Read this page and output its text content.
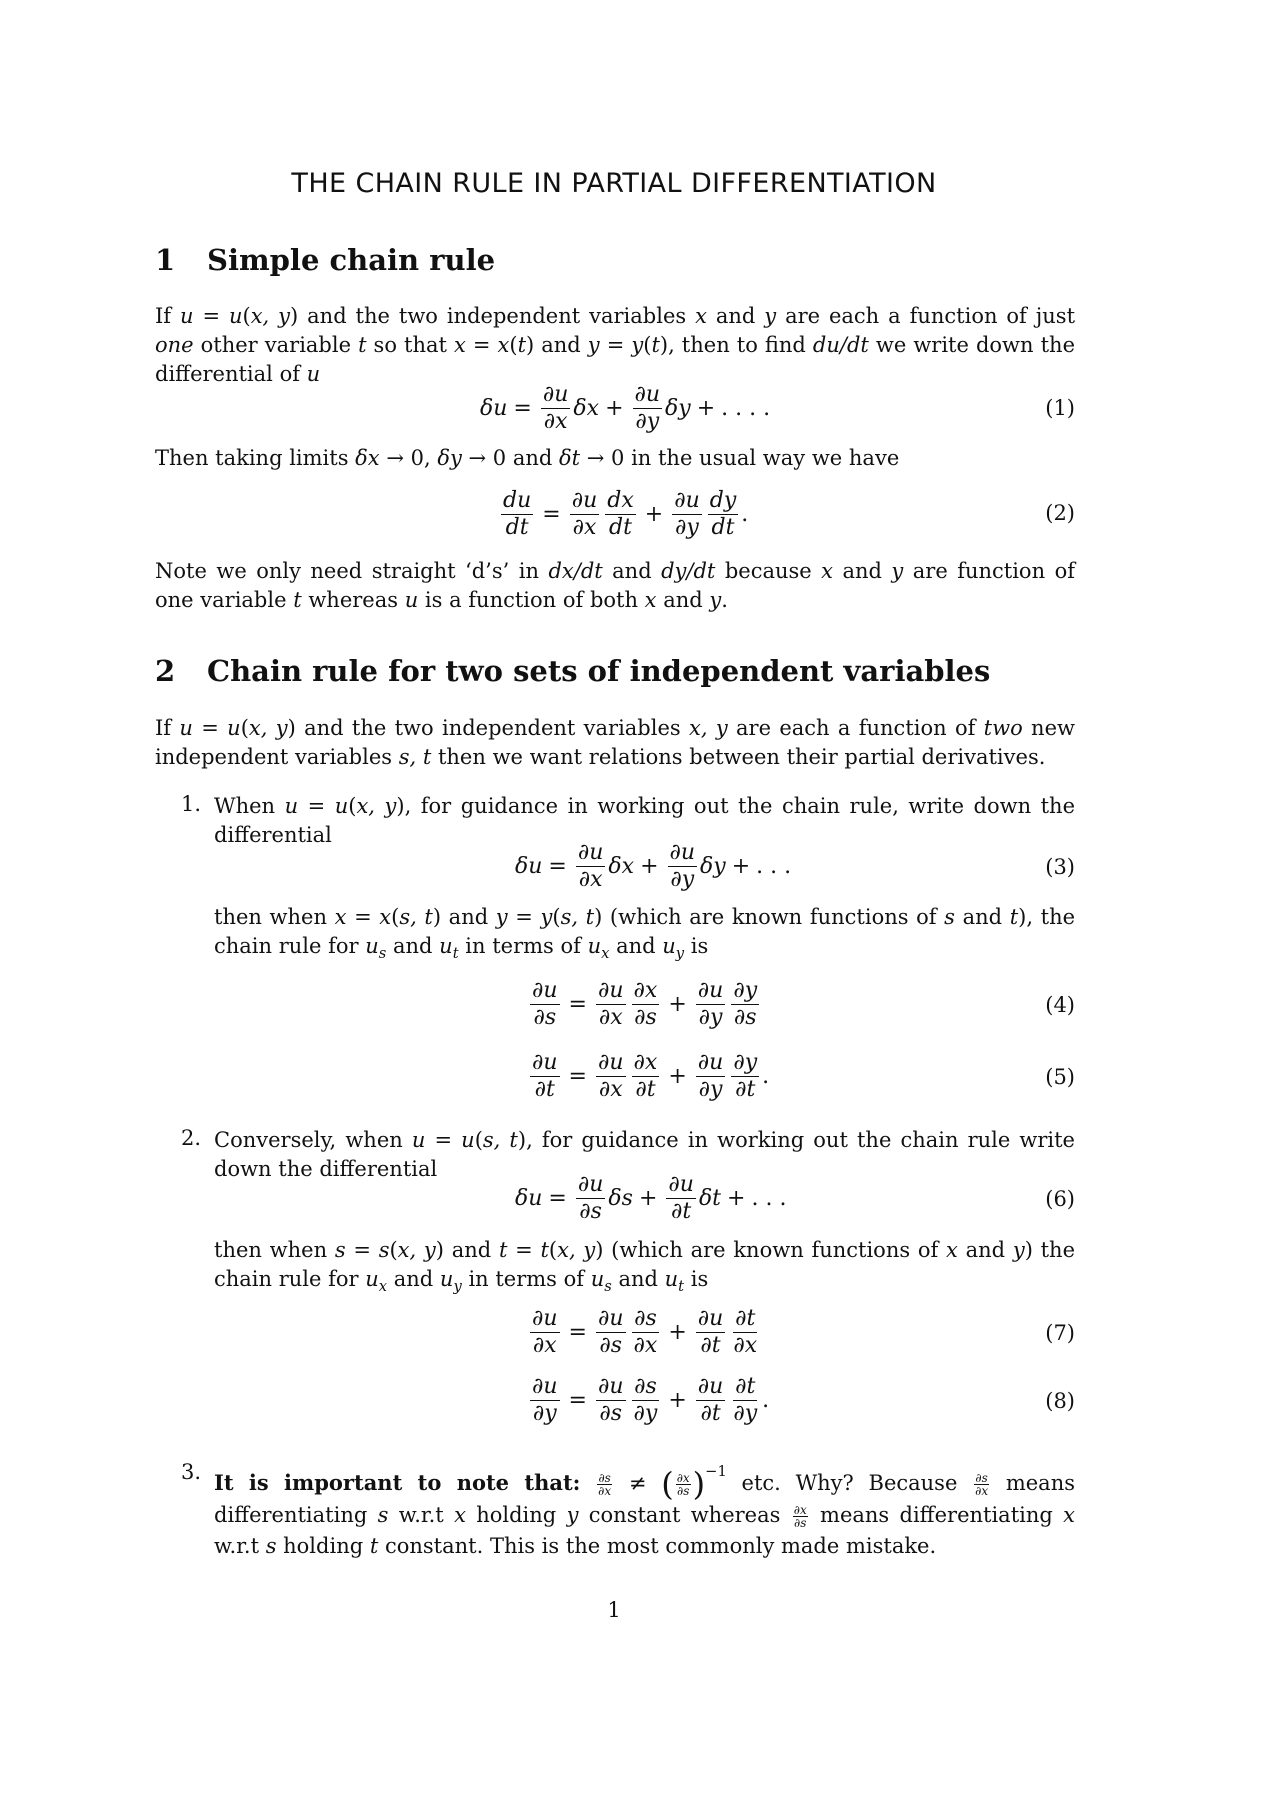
THE CHAIN RULE IN PARTIAL DIFFERENTIATION
1 Simple chain rule
If u = u(x, y) and the two independent variables x and y are each a function of just one other variable t so that x = x(t) and y = y(t), then to find du/dt we write down the differential of u
$\delta u = \frac{\partial u}{\partial x}$ $\delta x + \frac{\partial u}{\partial y}$ δy + . . . .	(1)
Then taking limits δx → 0, δy → 0 and δt → 0 in the usual way we have
$\frac{du}{dt} = \frac{\partial u}{\partial x} \frac{dx}{dt} + \frac{\partial u}{\partial y} \frac{dy}{dt}$ .	(2)
Note we only need straight ‘d’s’ in dx/dt and dy/dt because x and y are function of one variable t whereas u is a function of both x and y.
2 Chain rule for two sets of independent variables
If u = u(x, y) and the two independent variables x, y are each a function of two new independent variables s, t then we want relations between their partial derivatives.
1. When u = u(x, y), for guidance in working out the chain rule, write down the differential
$\delta u = \frac{\partial u}{\partial x}$ $\delta x + \frac{\partial u}{\partial y}$ δy + . . .	(3)
then when x = x(s, t) and y = y(s, t) (which are known functions of s and t), the chain rule for $u_s$ and $u_t$ in terms of $u_x$ and $u_y$ is
$\frac{\partial u}{\partial s} = \frac{\partial u}{\partial x} \frac{\partial x}{\partial s} + \frac{\partial u}{\partial y} \frac{\partial y}{\partial s}$	(4)
$\frac{\partial u}{\partial t} = \frac{\partial u}{\partial x} \frac{\partial x}{\partial t} + \frac{\partial u}{\partial y} \frac{\partial y}{\partial t}$ .	(5)
2. Conversely, when u = u(s, t), for guidance in working out the chain rule write down the differential
$\delta u = \frac{\partial u}{\partial s}$ $\delta s + \frac{\partial u}{\partial t}$ δt + . . .	(6)
then when s = s(x, y) and t = t(x, y) (which are known functions of x and y) the chain rule for $u_x$ and $u_y$ in terms of $u_s$ and $u_t$ is
$\frac{\partial u}{\partial x} = \frac{\partial u}{\partial s} \frac{\partial s}{\partial x} + \frac{\partial u}{\partial t} \frac{\partial t}{\partial x}$	(7)
$\frac{\partial u}{\partial y} = \frac{\partial u}{\partial s} \frac{\partial s}{\partial y} + \frac{\partial u}{\partial t} \frac{\partial t}{\partial y}$ .	(8)
3. It is important to note that: $\frac{\partial s}{\partial x}$ ≠ ( $\frac{\partial x}{\partial s} )^{-1}$ etc. Why? Because $\frac{\partial s}{\partial x}$ means differentiating s w.r.t x holding y constant whereas $\frac{\partial x}{\partial s}$ means differentiating x w.r.t s holding t constant. This is the most commonly made mistake.
1
